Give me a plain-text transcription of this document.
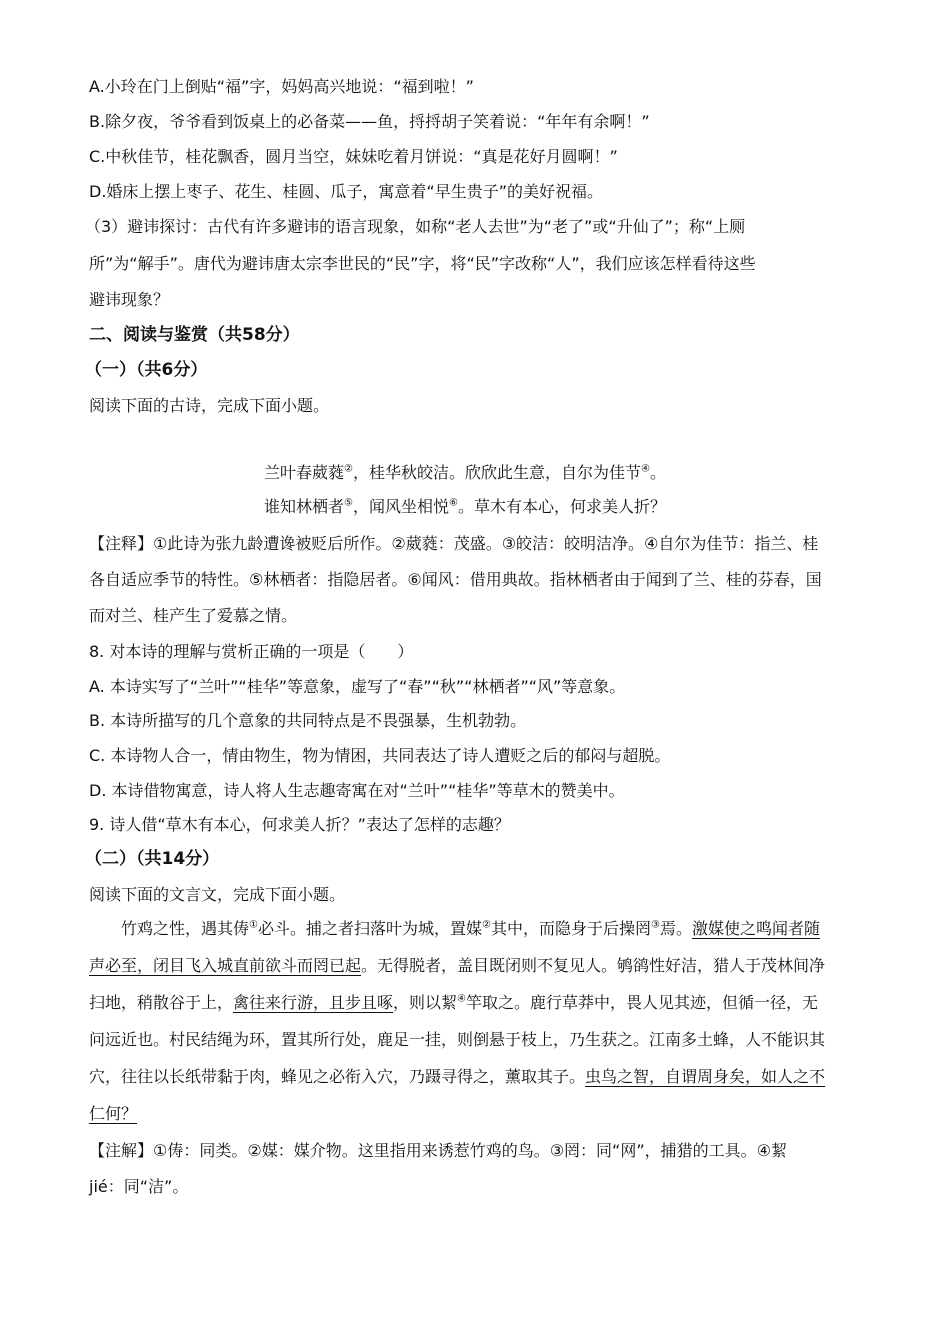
A.小玲在门上倒贴“福”字，妈妈高兴地说：“福到啦！”
B.除夕夜，爷爷看到饭桌上的必备菜——鱼，捋捋胡子笑着说：“年年有余啊！”
C.中秋佳节，桂花飘香，圆月当空，妹妹吃着月饼说：“真是花好月圆啊！”
D.婚床上摆上枣子、花生、桂圆、瓜子，寓意着“早生贵子”的美好祝福。
（3）避讳探讨：古代有许多避讳的语言现象，如称“老人去世”为“老了”或“升仙了”；称“上厕
所”为“解手”。唐代为避讳唐太宗李世民的“民”字，将“民”字改称“人”，我们应该怎样看待这些
避讳现象？
二、阅读与鉴赏（共58分）
（一）（共6分）
阅读下面的古诗，完成下面小题。
兰叶春葳蕤②，桂华秋皎洁。欣欣此生意，自尔为佳节④。
谁知林栖者⑤，闻风坐相悦⑥。草木有本心，何求美人折？
【注释】①此诗为张九龄遭谗被贬后所作。②葳蕤：茂盛。③皎洁：皎明洁净。④自尔为佳节：指兰、桂
各自适应季节的特性。⑤林栖者：指隐居者。⑥闻风：借用典故。指林栖者由于闻到了兰、桂的芬春，国
而对兰、桂产生了爱慕之情。
8. 对本诗的理解与赏析正确的一项是（　　）
A. 本诗实写了“兰叶”“桂华”等意象，虚写了“春”“秋”“林栖者”“风”等意象。
B. 本诗所描写的几个意象的共同特点是不畏强暴，生机勃勃。
C. 本诗物人合一，情由物生，物为情困，共同表达了诗人遭贬之后的郁闷与超脱。
D. 本诗借物寓意，诗人将人生志趣寄寓在对“兰叶”“桂华”等草木的赞美中。
9. 诗人借“草木有本心，何求美人折？”表达了怎样的志趣？
（二）（共14分）
阅读下面的文言文，完成下面小题。
竹鸡之性，遇其俦①必斗。捕之者扫落叶为城，置媒②其中，而隐身于后操罔③焉。激媒使之鸣闻者随
声必至，闭目飞入城直前欲斗而罔已起。无得脱者，盖目既闭则不复见人。鸲鹆性好洁，猎人于茂林间净
扫地，稍散谷于上，禽往来行游，且步且啄，则以絜④竿取之。鹿行草莽中，畏人见其迹，但循一径，无
问远近也。村民结绳为环，置其所行处，鹿足一挂，则倒悬于枝上，乃生获之。江南多土蜂，人不能识其
穴，往往以长纸带黏于肉，蜂见之必衔入穴，乃蹑寻得之，薰取其子。虫鸟之智，自谓周身矣，如人之不
仁何？
【注解】①俦：同类。②媒：媒介物。这里指用来诱惹竹鸡的鸟。③罔：同“网”，捕猎的工具。④絜
jié：同“洁”。
